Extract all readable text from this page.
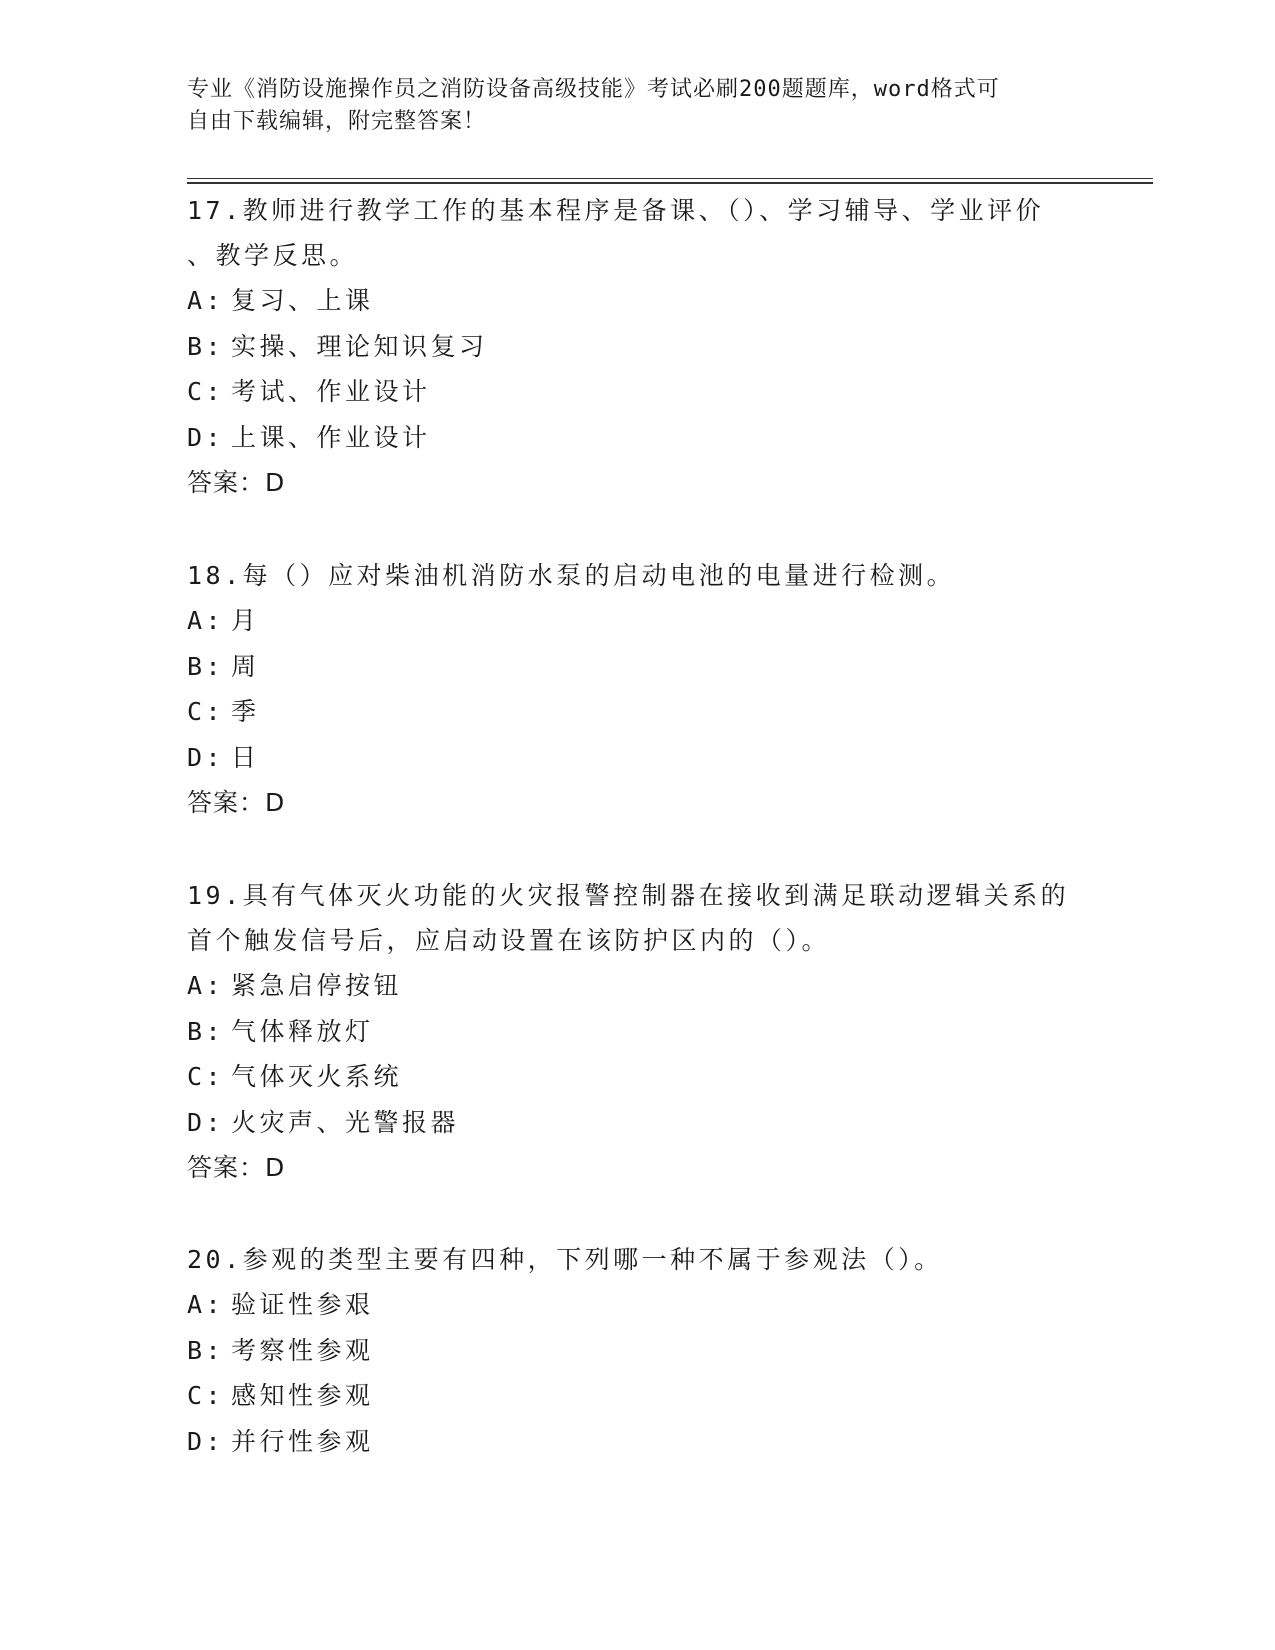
专业《消防设施操作员之消防设备高级技能》考试必刷200题题库，word格式可
自由下载编辑，附完整答案！
17.教师进行教学工作的基本程序是备课、（）、学习辅导、学业评价
、教学反思。
A: 复习、上课
B: 实操、理论知识复习
C: 考试、作业设计
D: 上课、作业设计
答案：D
18.每（）应对柴油机消防水泵的启动电池的电量进行检测。
A: 月
B: 周
C: 季
D: 日
答案：D
19.具有气体灭火功能的火灾报警控制器在接收到满足联动逻辑关系的
首个触发信号后，应启动设置在该防护区内的（）。
A: 紧急启停按钮
B: 气体释放灯
C: 气体灭火系统
D: 火灾声、光警报器
答案：D
20.参观的类型主要有四种，下列哪一种不属于参观法（）。
A: 验证性参艰
B: 考察性参观
C: 感知性参观
D: 并行性参观
